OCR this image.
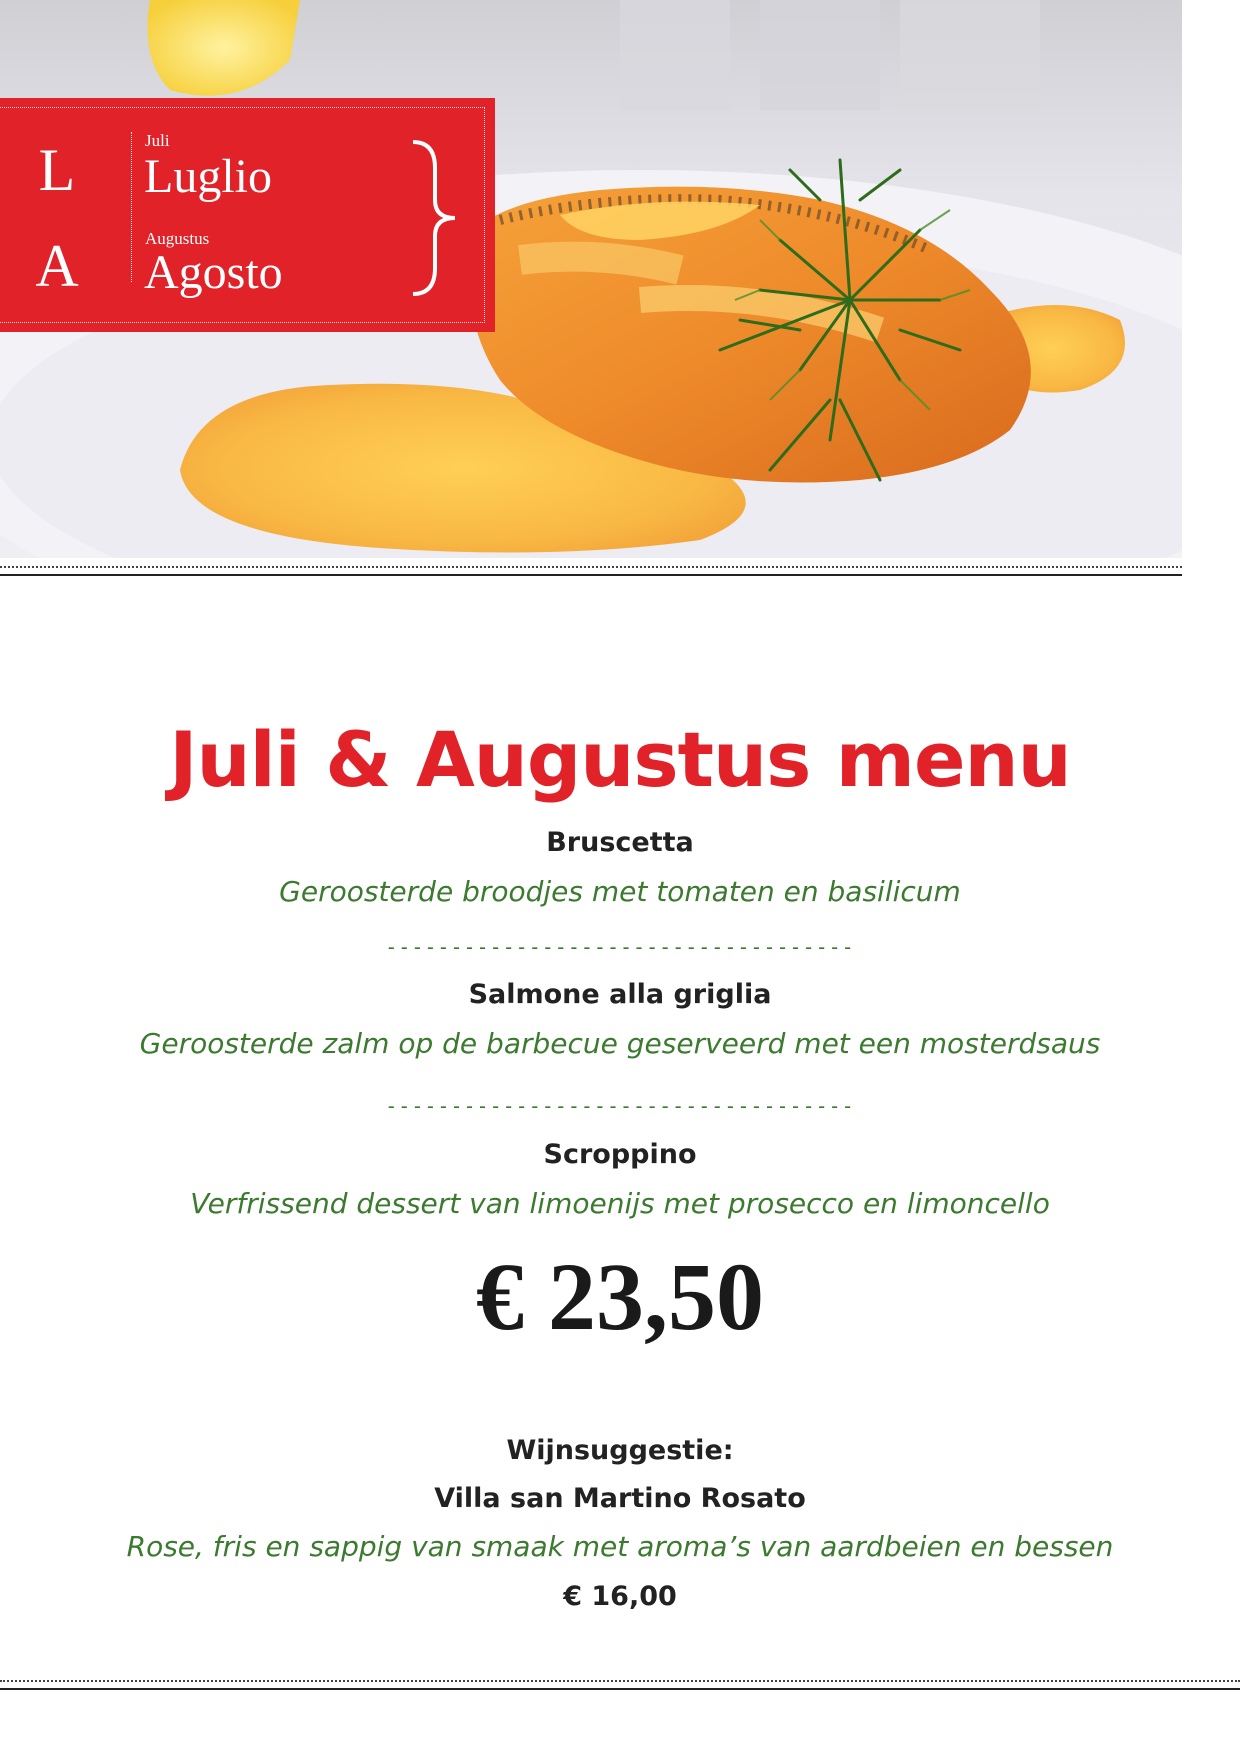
L
A
Juli
Luglio
Augustus
Agosto
Juli & Augustus menu
Bruscetta
Geroosterde broodjes met tomaten en basilicum
------------------------------------
Salmone alla griglia
Geroosterde zalm op de barbecue geserveerd met een mosterdsaus
------------------------------------
Scroppino
Verfrissend dessert van limoenijs met prosecco en limoncello
€ 23,50
Wijnsuggestie:
Villa san Martino Rosato
Rose, fris en sappig van smaak met aroma’s van aardbeien en bessen
€ 16,00
